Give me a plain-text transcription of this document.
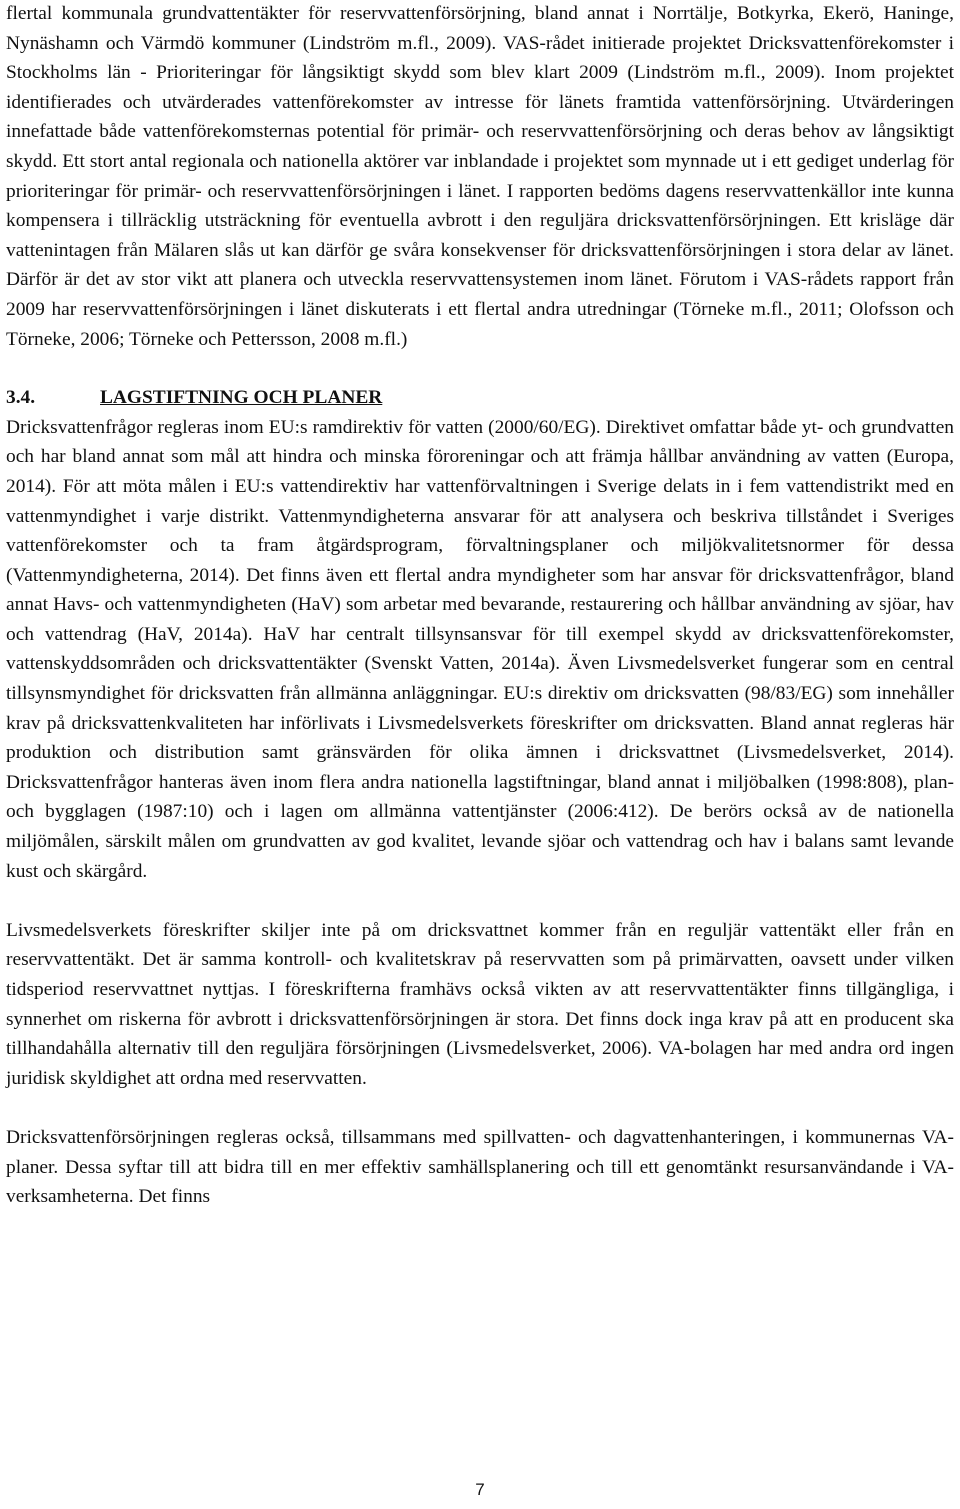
flertal kommunala grundvattentäkter för reservvattenförsörjning, bland annat i Norrtälje, Botkyrka, Ekerö, Haninge, Nynäshamn och Värmdö kommuner (Lindström m.fl., 2009). VAS-rådet initierade projektet Dricksvattenförekomster i Stockholms län - Prioriteringar för långsiktigt skydd som blev klart 2009 (Lindström m.fl., 2009). Inom projektet identifierades och utvärderades vattenförekomster av intresse för länets framtida vattenförsörjning. Utvärderingen innefattade både vattenförekomsternas potential för primär- och reservvattenförsörjning och deras behov av långsiktigt skydd. Ett stort antal regionala och nationella aktörer var inblandade i projektet som mynnade ut i ett gediget underlag för prioriteringar för primär- och reservvattenförsörjningen i länet. I rapporten bedöms dagens reservvattenkällor inte kunna kompensera i tillräcklig utsträckning för eventuella avbrott i den reguljära dricksvattenförsörjningen. Ett krisläge där vattenintagen från Mälaren slås ut kan därför ge svåra konsekvenser för dricksvattenförsörjningen i stora delar av länet. Därför är det av stor vikt att planera och utveckla reservvattensystemen inom länet. Förutom i VAS-rådets rapport från 2009 har reservvattenförsörjningen i länet diskuterats i ett flertal andra utredningar (Törneke m.fl., 2011; Olofsson och Törneke, 2006; Törneke och Pettersson, 2008 m.fl.)

3.4.	LAGSTIFTNING OCH PLANER

Dricksvattenfrågor regleras inom EU:s ramdirektiv för vatten (2000/60/EG). Direktivet omfattar både yt- och grundvatten och har bland annat som mål att hindra och minska föroreningar och att främja hållbar användning av vatten (Europa, 2014). För att möta målen i EU:s vattendirektiv har vattenförvaltningen i Sverige delats in i fem vattendistrikt med en vattenmyndighet i varje distrikt. Vattenmyndigheterna ansvarar för att analysera och beskriva tillståndet i Sveriges vattenförekomster och ta fram åtgärdsprogram, förvaltningsplaner och miljökvalitetsnormer för dessa (Vattenmyndigheterna, 2014). Det finns även ett flertal andra myndigheter som har ansvar för dricksvattenfrågor, bland annat Havs- och vattenmyndigheten (HaV) som arbetar med bevarande, restaurering och hållbar användning av sjöar, hav och vattendrag (HaV, 2014a). HaV har centralt tillsynsansvar för till exempel skydd av dricksvattenförekomster, vattenskyddsområden och dricksvattentäkter (Svenskt Vatten, 2014a). Även Livsmedelsverket fungerar som en central tillsynsmyndighet för dricksvatten från allmänna anläggningar. EU:s direktiv om dricksvatten (98/83/EG) som innehåller krav på dricksvattenkvaliteten har införlivats i Livsmedelsverkets föreskrifter om dricksvatten. Bland annat regleras här produktion och distribution samt gränsvärden för olika ämnen i dricksvattnet (Livsmedelsverket, 2014). Dricksvattenfrågor hanteras även inom flera andra nationella lagstiftningar, bland annat i miljöbalken (1998:808), plan- och bygglagen (1987:10) och i lagen om allmänna vattentjänster (2006:412). De berörs också av de nationella miljömålen, särskilt målen om grundvatten av god kvalitet, levande sjöar och vattendrag och hav i balans samt levande kust och skärgård.

Livsmedelsverkets föreskrifter skiljer inte på om dricksvattnet kommer från en reguljär vattentäkt eller från en reservvattentäkt. Det är samma kontroll- och kvalitetskrav på reservvatten som på primärvatten, oavsett under vilken tidsperiod reservvattnet nyttjas. I föreskrifterna framhävs också vikten av att reservvattentäkter finns tillgängliga, i synnerhet om riskerna för avbrott i dricksvattenförsörjningen är stora. Det finns dock inga krav på att en producent ska tillhandahålla alternativ till den reguljära försörjningen (Livsmedelsverket, 2006). VA-bolagen har med andra ord ingen juridisk skyldighet att ordna med reservvatten.

Dricksvattenförsörjningen regleras också, tillsammans med spillvatten- och dagvattenhanteringen, i kommunernas VA-planer. Dessa syftar till att bidra till en mer effektiv samhällsplanering och till ett genomtänkt resursanvändande i VA-verksamheterna. Det finns

7
